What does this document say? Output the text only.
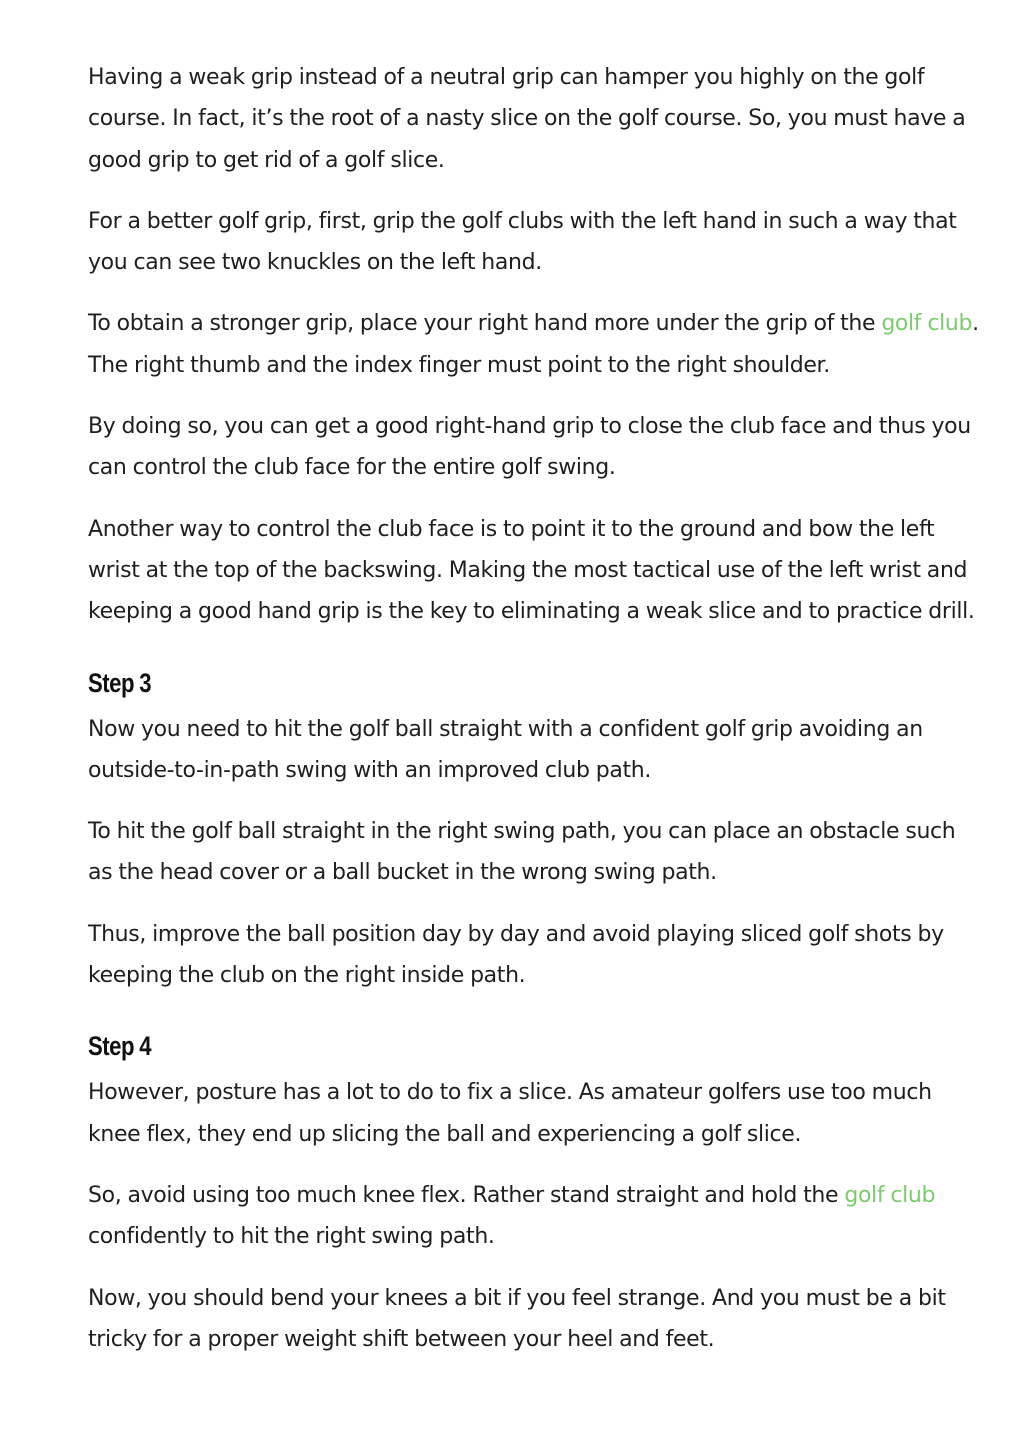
Having a weak grip instead of a neutral grip can hamper you highly on the golf course. In fact, it’s the root of a nasty slice on the golf course. So, you must have a good grip to get rid of a golf slice.

For a better golf grip, first, grip the golf clubs with the left hand in such a way that you can see two knuckles on the left hand.

To obtain a stronger grip, place your right hand more under the grip of the golf club. The right thumb and the index finger must point to the right shoulder.

By doing so, you can get a good right-hand grip to close the club face and thus you can control the club face for the entire golf swing.

Another way to control the club face is to point it to the ground and bow the left wrist at the top of the backswing. Making the most tactical use of the left wrist and keeping a good hand grip is the key to eliminating a weak slice and to practice drill.

Step 3

Now you need to hit the golf ball straight with a confident golf grip avoiding an outside-to-in-path swing with an improved club path.

To hit the golf ball straight in the right swing path, you can place an obstacle such as the head cover or a ball bucket in the wrong swing path.

Thus, improve the ball position day by day and avoid playing sliced golf shots by keeping the club on the right inside path.

Step 4

However, posture has a lot to do to fix a slice. As amateur golfers use too much knee flex, they end up slicing the ball and experiencing a golf slice.

So, avoid using too much knee flex. Rather stand straight and hold the golf club confidently to hit the right swing path.

Now, you should bend your knees a bit if you feel strange. And you must be a bit tricky for a proper weight shift between your heel and feet.
